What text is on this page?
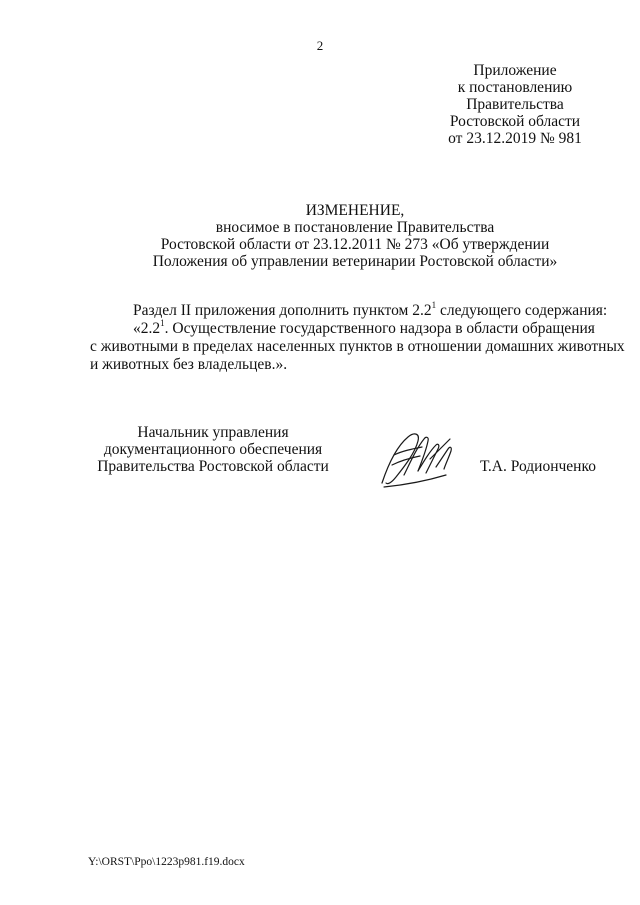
2
Приложение
к постановлению
Правительства
Ростовской области
от 23.12.2019 № 981
ИЗМЕНЕНИЕ,
вносимое в постановление Правительства
Ростовской области от 23.12.2011 № 273 «Об утверждении
Положения об управлении ветеринарии Ростовской области»

Раздел II приложения дополнить пунктом $2.2^1$ следующего содержания:

«$2.2^1$. Осуществление государственного надзора в области обращения

с животными в пределах населенных пунктов в отношении домашних животных

и животных без владельцев.».

Начальник управления
документационного обеспечения
Правительства Ростовской области	Т.А. Родионченко
Y:\ORST\Ppo\1223p981.f19.docx
